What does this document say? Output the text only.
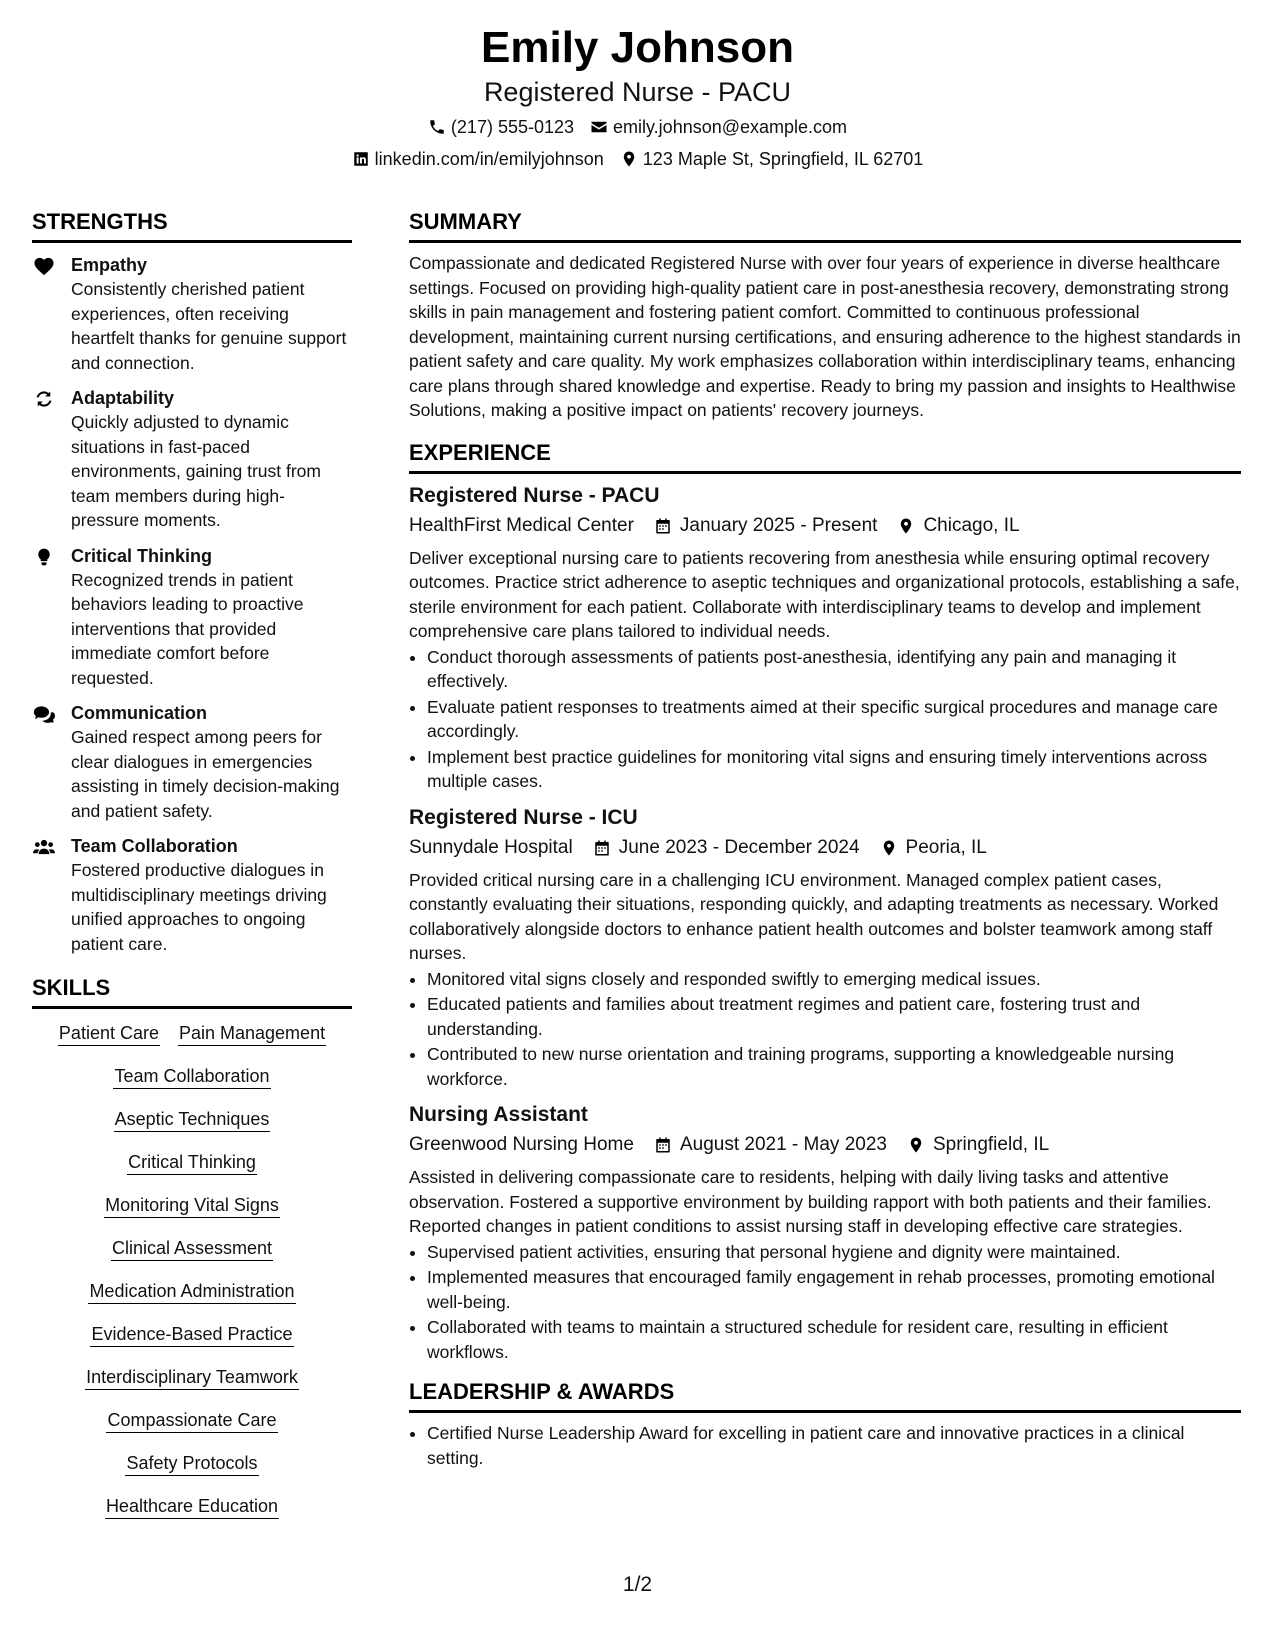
Emily Johnson
Registered Nurse - PACU
(217) 555-0123 emily.johnson@example.com
linkedin.com/in/emilyjohnson 123 Maple St, Springfield, IL 62701
STRENGTHS
Empathy
Consistently cherished patient experiences, often receiving heartfelt thanks for genuine support and connection.
Adaptability
Quickly adjusted to dynamic situations in fast-paced environments, gaining trust from team members during high-pressure moments.
Critical Thinking
Recognized trends in patient behaviors leading to proactive interventions that provided immediate comfort before requested.
Communication
Gained respect among peers for clear dialogues in emergencies assisting in timely decision-making and patient safety.
Team Collaboration
Fostered productive dialogues in multidisciplinary meetings driving unified approaches to ongoing patient care.
SKILLS
Patient Care Pain Management
Team Collaboration
Aseptic Techniques
Critical Thinking
Monitoring Vital Signs
Clinical Assessment
Medication Administration
Evidence-Based Practice
Interdisciplinary Teamwork
Compassionate Care
Safety Protocols
Healthcare Education
SUMMARY

Compassionate and dedicated Registered Nurse with over four years of experience in diverse healthcare settings. Focused on providing high-quality patient care in post-anesthesia recovery, demonstrating strong skills in pain management and fostering patient comfort. Committed to continuous professional development, maintaining current nursing certifications, and ensuring adherence to the highest standards in patient safety and care quality. My work emphasizes collaboration within interdisciplinary teams, enhancing care plans through shared knowledge and expertise. Ready to bring my passion and insights to Healthwise Solutions, making a positive impact on patients' recovery journeys.

EXPERIENCE
Registered Nurse - PACU
HealthFirst Medical Center January 2025 - Present Chicago, IL
Deliver exceptional nursing care to patients recovering from anesthesia while ensuring optimal recovery outcomes. Practice strict adherence to aseptic techniques and organizational protocols, establishing a safe, sterile environment for each patient. Collaborate with interdisciplinary teams to develop and implement comprehensive care plans tailored to individual needs.
• Conduct thorough assessments of patients post-anesthesia, identifying any pain and managing it effectively.
• Evaluate patient responses to treatments aimed at their specific surgical procedures and manage care accordingly.
• Implement best practice guidelines for monitoring vital signs and ensuring timely interventions across multiple cases.
Registered Nurse - ICU
Sunnydale Hospital June 2023 - December 2024 Peoria, IL
Provided critical nursing care in a challenging ICU environment. Managed complex patient cases, constantly evaluating their situations, responding quickly, and adapting treatments as necessary. Worked collaboratively alongside doctors to enhance patient health outcomes and bolster teamwork among staff nurses.
• Monitored vital signs closely and responded swiftly to emerging medical issues.
• Educated patients and families about treatment regimes and patient care, fostering trust and understanding.
• Contributed to new nurse orientation and training programs, supporting a knowledgeable nursing workforce.
Nursing Assistant
Greenwood Nursing Home August 2021 - May 2023 Springfield, IL
Assisted in delivering compassionate care to residents, helping with daily living tasks and attentive observation. Fostered a supportive environment by building rapport with both patients and their families. Reported changes in patient conditions to assist nursing staff in developing effective care strategies.
• Supervised patient activities, ensuring that personal hygiene and dignity were maintained.
• Implemented measures that encouraged family engagement in rehab processes, promoting emotional well-being.
• Collaborated with teams to maintain a structured schedule for resident care, resulting in efficient workflows.
LEADERSHIP & AWARDS
• Certified Nurse Leadership Award for excelling in patient care and innovative practices in a clinical setting.
1/2
